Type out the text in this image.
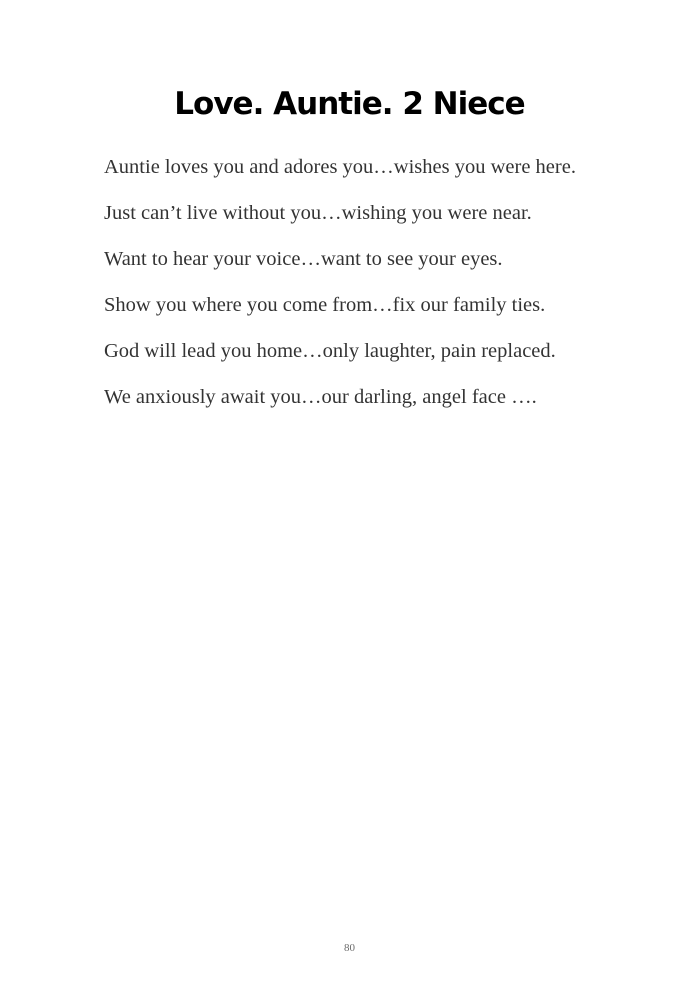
Love. Auntie. 2 Niece

Auntie loves you and adores you…wishes you were here.

Just can’t live without you…wishing you were near.

Want to hear your voice…want to see your eyes.

Show you where you come from…fix our family ties.

God will lead you home…only laughter, pain replaced.

We anxiously await you…our darling, angel face ….

80
